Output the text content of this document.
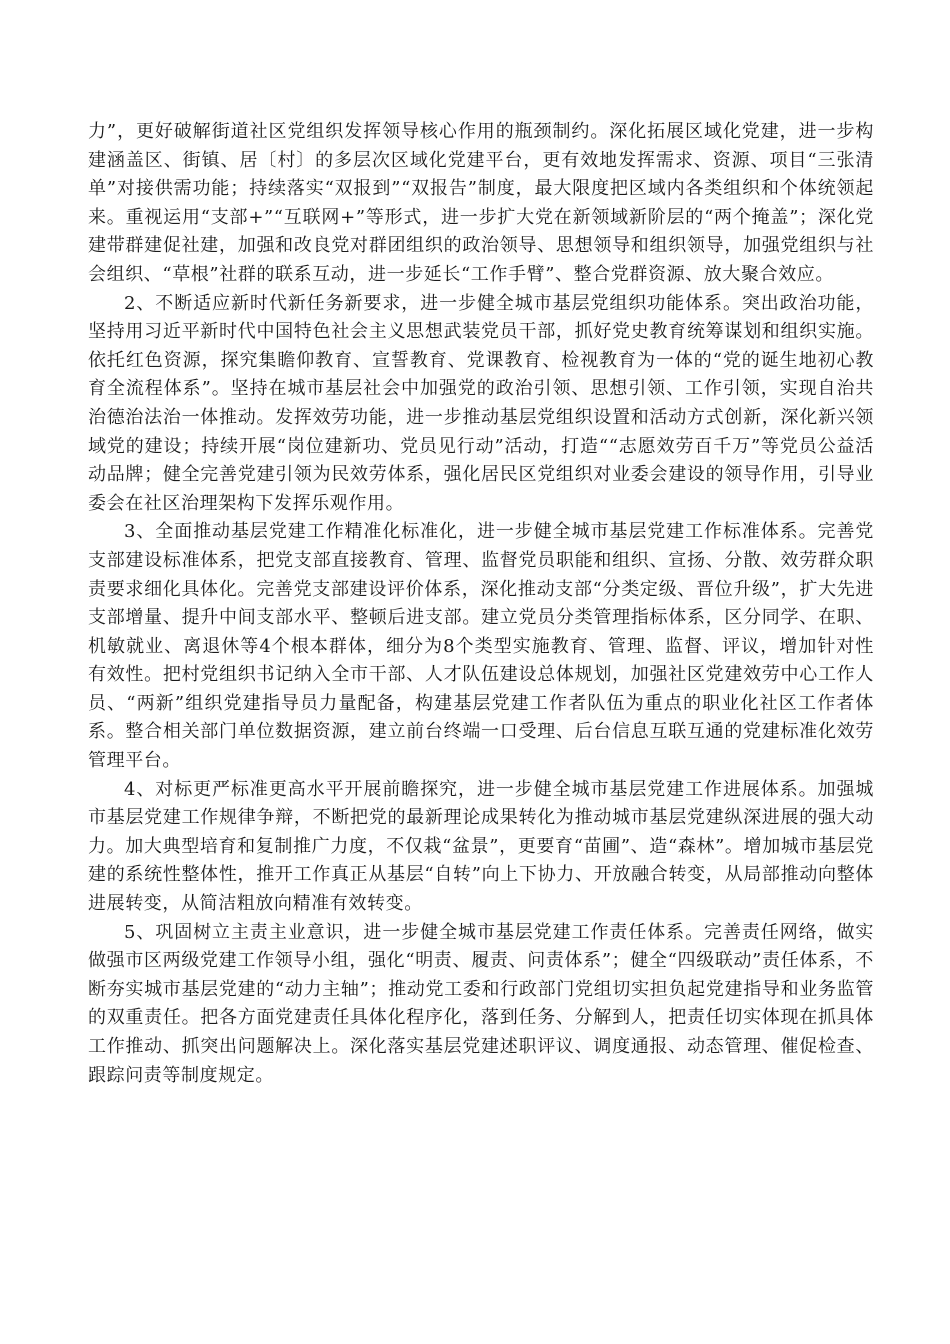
力”，更好破解街道社区党组织发挥领导核心作用的瓶颈制约。深化拓展区域化党建，进一步构建涵盖区、街镇、居〔村〕的多层次区域化党建平台，更有效地发挥需求、资源、项目“三张清单”对接供需功能；持续落实“双报到”“双报告”制度，最大限度把区域内各类组织和个体统领起来。重视运用“支部+”“互联网+”等形式，进一步扩大党在新领域新阶层的“两个掩盖”；深化党建带群建促社建，加强和改良党对群团组织的政治领导、思想领导和组织领导，加强党组织与社会组织、“草根”社群的联系互动，进一步延长“工作手臂”、整合党群资源、放大聚合效应。

2、不断适应新时代新任务新要求，进一步健全城市基层党组织功能体系。突出政治功能，坚持用习近平新时代中国特色社会主义思想武装党员干部，抓好党史教育统筹谋划和组织实施。依托红色资源，探究集瞻仰教育、宣誓教育、党课教育、检视教育为一体的“党的诞生地初心教育全流程体系”。坚持在城市基层社会中加强党的政治引领、思想引领、工作引领，实现自治共治德治法治一体推动。发挥效劳功能，进一步推动基层党组织设置和活动方式创新，深化新兴领域党的建设；持续开展“岗位建新功、党员见行动”活动，打造““志愿效劳百千万”等党员公益活动品牌；健全完善党建引领为民效劳体系，强化居民区党组织对业委会建设的领导作用，引导业委会在社区治理架构下发挥乐观作用。

3、全面推动基层党建工作精准化标准化，进一步健全城市基层党建工作标准体系。完善党支部建设标准体系，把党支部直接教育、管理、监督党员职能和组织、宣扬、分散、效劳群众职责要求细化具体化。完善党支部建设评价体系，深化推动支部“分类定级、晋位升级”，扩大先进支部增量、提升中间支部水平、整顿后进支部。建立党员分类管理指标体系，区分同学、在职、机敏就业、离退休等4个根本群体，细分为8个类型实施教育、管理、监督、评议，增加针对性有效性。把村党组织书记纳入全市干部、人才队伍建设总体规划，加强社区党建效劳中心工作人员、“两新”组织党建指导员力量配备，构建基层党建工作者队伍为重点的职业化社区工作者体系。整合相关部门单位数据资源，建立前台终端一口受理、后台信息互联互通的党建标准化效劳管理平台。

4、对标更严标准更高水平开展前瞻探究，进一步健全城市基层党建工作进展体系。加强城市基层党建工作规律争辩，不断把党的最新理论成果转化为推动城市基层党建纵深进展的强大动力。加大典型培育和复制推广力度，不仅栽“盆景”，更要育“苗圃”、造“森林”。增加城市基层党建的系统性整体性，推开工作真正从基层“自转”向上下协力、开放融合转变，从局部推动向整体进展转变，从简洁粗放向精准有效转变。

5、巩固树立主责主业意识，进一步健全城市基层党建工作责任体系。完善责任网络，做实做强市区两级党建工作领导小组，强化“明责、履责、问责体系”；健全“四级联动”责任体系，不断夯实城市基层党建的“动力主轴”；推动党工委和行政部门党组切实担负起党建指导和业务监管的双重责任。把各方面党建责任具体化程序化，落到任务、分解到人，把责任切实体现在抓具体工作推动、抓突出问题解决上。深化落实基层党建述职评议、调度通报、动态管理、催促检查、跟踪问责等制度规定。
